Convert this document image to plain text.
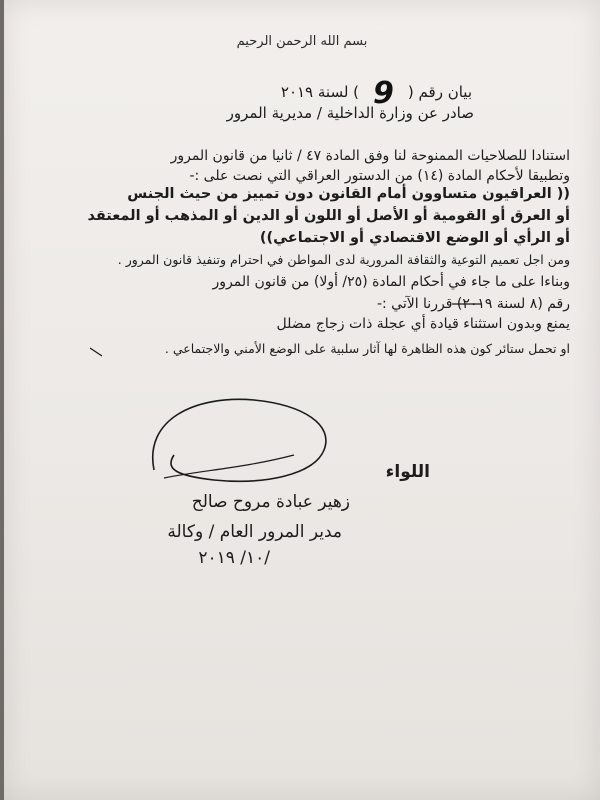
بسم الله الرحمن الرحيم
بيان رقم (9) لسنة ٢٠١٩
صادر عن وزارة الداخلية / مديرية المرور
استنادا للصلاحيات الممنوحة لنا وفق المادة ٤٧ / ثانيا من قانون المرور
وتطبيقا لأحكام المادة (١٤) من الدستور العراقي التي نصت على :-
(( العراقيون متساوون أمام القانون دون تمييز من حيث الجنس
أو العرق أو القومية أو الأصل أو اللون أو الدين أو المذهب أو المعتقد
أو الرأي أو الوضع الاقتصادي أو الاجتماعي))
ومن اجل تعميم التوعية والثقافة المرورية لدى المواطن في احترام وتنفيذ قانون المرور .
وبناءا على ما جاء في أحكام المادة (٢٥/ أولا) من قانون المرور
رقم (٨ لسنة ٢٠١٩) قررنا الآتي :-
يمنع وبدون استثناء قيادة أي عجلة ذات زجاج مضلل
او تحمل ستائر كون هذه الظاهرة لها آثار سلبية على الوضع الأمني والاجتماعي .
اللواء
زهير عبادة مروح صالح
مدير المرور العام / وكالة
/١٠/ ٢٠١٩
